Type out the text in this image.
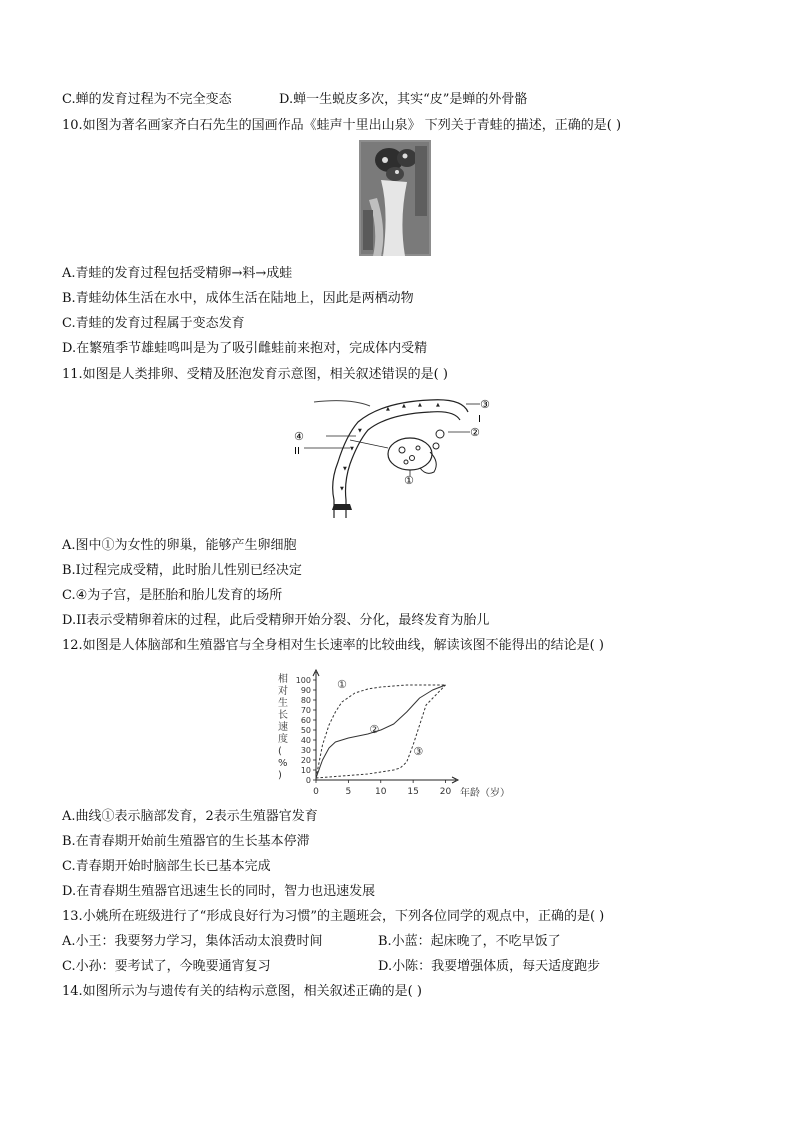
C.蝉的发育过程为不完全变态	D.蝉一生蜕皮多次，其实“皮”是蝉的外骨骼
10.如图为著名画家齐白石先生的国画作品《蛙声十里出山泉》 下列关于青蛙的描述，正确的是( )
A.青蛙的发育过程包括受精卵→料→成蛙
B.青蛙幼体生活在水中，成体生活在陆地上，因此是两栖动物
C.青蛙的发育过程属于变态发育
D.在繁殖季节雄蛙鸣叫是为了吸引雌蛙前来抱对，完成体内受精
11.如图是人类排卵、受精及胚泡发育示意图，相关叙述错误的是( )
▲ ▲ ▲	▲
▼
▼
▼
▼
③
I
②
④
II
①
A.图中①为女性的卵巢，能够产生卵细胞
B.I过程完成受精，此时胎儿性别已经决定
C.④为子宫，是胚胎和胎儿发育的场所
D.II表示受精卵着床的过程，此后受精卵开始分裂、分化，最终发育为胎儿
12.如图是人体脑部和生殖器官与全身相对生长速率的比较曲线，解读该图不能得出的结论是( )
相
对
生
长
速
度
(
%
)	0
10
20
30
40
50
60
70
80
90
100
0	5	10 15 20
①
②
③
年龄（岁）
A.曲线①表示脑部发育，2表示生殖器官发育
B.在青春期开始前生殖器官的生长基本停滞
C.青春期开始时脑部生长已基本完成
D.在青春期生殖器官迅速生长的同时，智力也迅速发展
13.小姚所在班级进行了“形成良好行为习惯”的主题班会，下列各位同学的观点中，正确的是( )
A.小王：我要努力学习，集体活动太浪费时间	B.小蓝：起床晚了，不吃早饭了
C.小孙：要考试了，今晚要通宵复习	D.小陈：我要增强体质，每天适度跑步
14.如图所示为与遗传有关的结构示意图，相关叙述正确的是( )
